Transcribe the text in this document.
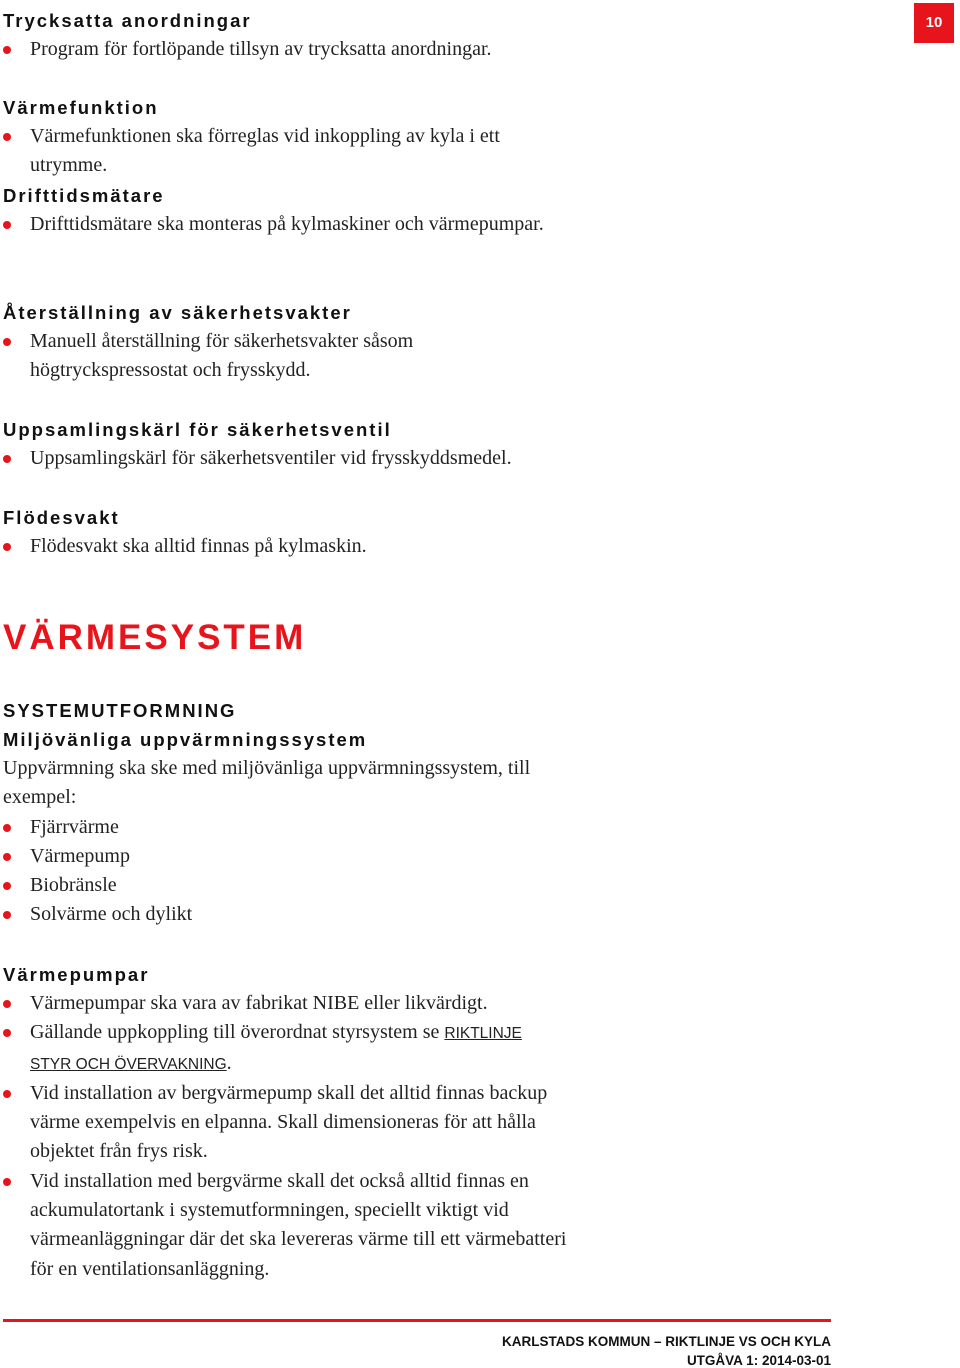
10
Trycksatta anordningar
Program för fortlöpande tillsyn av trycksatta anordningar.
Värmefunktion
Värmefunktionen ska förreglas vid inkoppling av kyla i ett utrymme.
Drifttidsmätare
Drifttidsmätare ska monteras på kylmaskiner och värmepumpar.
Återställning av säkerhetsvakter
Manuell återställning för säkerhetsvakter såsom högtryckspressostat och frysskydd.
Uppsamlingskärl för säkerhetsventil
Uppsamlingskärl för säkerhetsventiler vid frysskyddsmedel.
Flödesvakt
Flödesvakt ska alltid finnas på kylmaskin.
VÄRMESYSTEM
SYSTEMUTFORMNING
Miljövänliga uppvärmningssystem

Uppvärmning ska ske med miljövänliga uppvärmningssystem, till exempel:

Fjärrvärme
Värmepump
Biobränsle
Solvärme och dylikt
Värmepumpar
Värmepumpar ska vara av fabrikat NIBE eller likvärdigt.
Gällande uppkoppling till överordnat styrsystem se RIKTLINJE
STYR OCH ÖVERVAKNING.
Vid installation av bergvärmepump skall det alltid finnas backup värme exempelvis en elpanna. Skall dimensioneras för att hålla objektet från frys risk.
Vid installation med bergvärme skall det också alltid finnas en ackumulatortank i systemutformningen, speciellt viktigt vid värmeanläggningar där det ska levereras värme till ett värmebatteri för en ventilationsanläggning.
KARLSTADS KOMMUN – RIKTLINJE VS OCH KYLA
UTGÅVA 1: 2014-03-01
